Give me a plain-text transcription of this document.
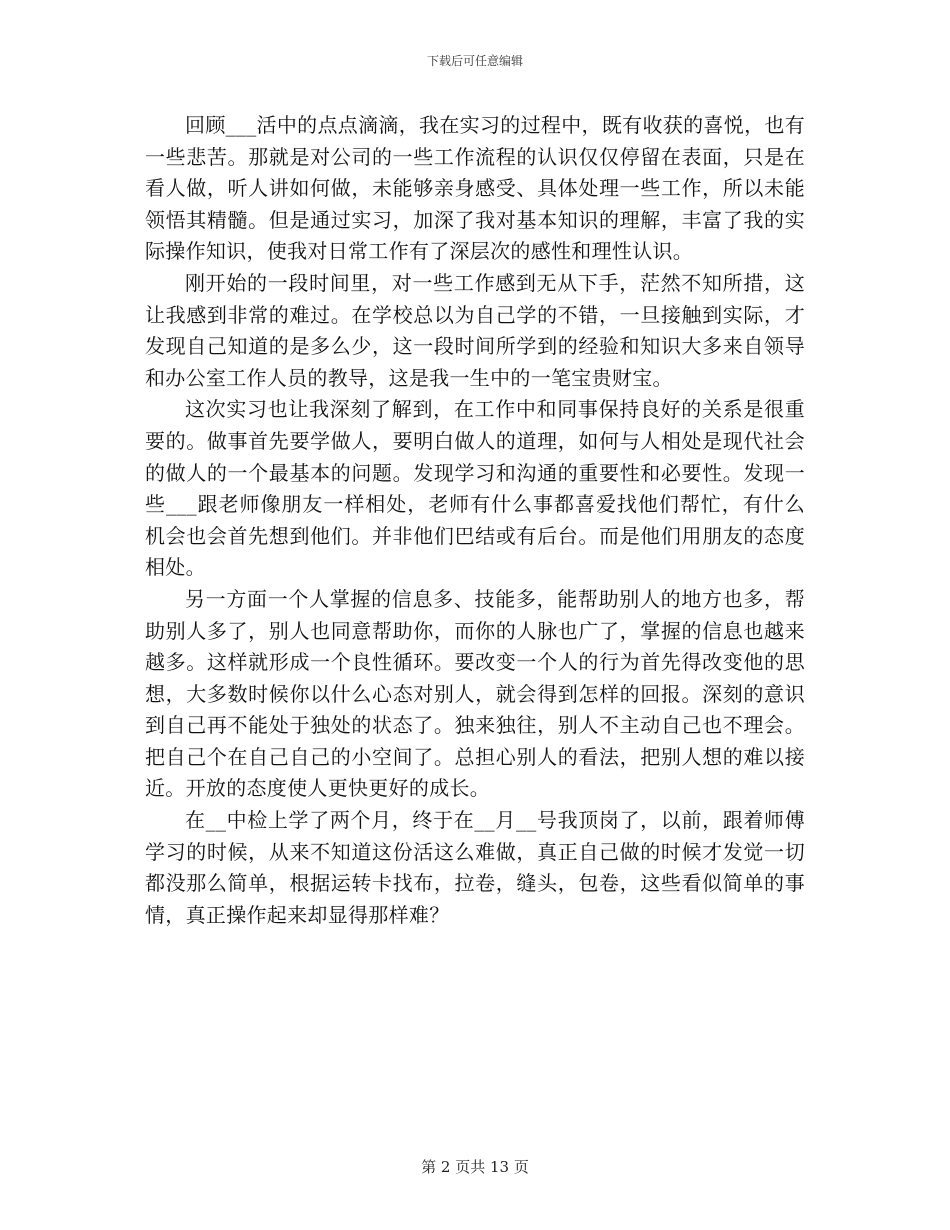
下载后可任意编辑

回顾___活中的点点滴滴，我在实习的过程中，既有收获的喜悦，也有一些悲苦。那就是对公司的一些工作流程的认识仅仅停留在表面，只是在看人做，听人讲如何做，未能够亲身感受、具体处理一些工作，所以未能领悟其精髓。但是通过实习，加深了我对基本知识的理解，丰富了我的实际操作知识，使我对日常工作有了深层次的感性和理性认识。

刚开始的一段时间里，对一些工作感到无从下手，茫然不知所措，这让我感到非常的难过。在学校总以为自己学的不错，一旦接触到实际，才发现自己知道的是多么少，这一段时间所学到的经验和知识大多来自领导和办公室工作人员的教导，这是我一生中的一笔宝贵财宝。

这次实习也让我深刻了解到，在工作中和同事保持良好的关系是很重要的。做事首先要学做人，要明白做人的道理，如何与人相处是现代社会的做人的一个最基本的问题。发现学习和沟通的重要性和必要性。发现一些___跟老师像朋友一样相处，老师有什么事都喜爱找他们帮忙，有什么机会也会首先想到他们。并非他们巴结或有后台。而是他们用朋友的态度相处。

另一方面一个人掌握的信息多、技能多，能帮助别人的地方也多，帮助别人多了，别人也同意帮助你，而你的人脉也广了，掌握的信息也越来越多。这样就形成一个良性循环。要改变一个人的行为首先得改变他的思想，大多数时候你以什么心态对别人，就会得到怎样的回报。深刻的意识到自己再不能处于独处的状态了。独来独往，别人不主动自己也不理会。把自己个在自己自己的小空间了。总担心别人的看法，把别人想的难以接近。开放的态度使人更快更好的成长。

在__中检上学了两个月，终于在__月__号我顶岗了，以前，跟着师傅学习的时候，从来不知道这份活这么难做，真正自己做的时候才发觉一切都没那么简单，根据运转卡找布，拉卷，缝头，包卷，这些看似简单的事情，真正操作起来却显得那样难？

第 2 页共 13 页
